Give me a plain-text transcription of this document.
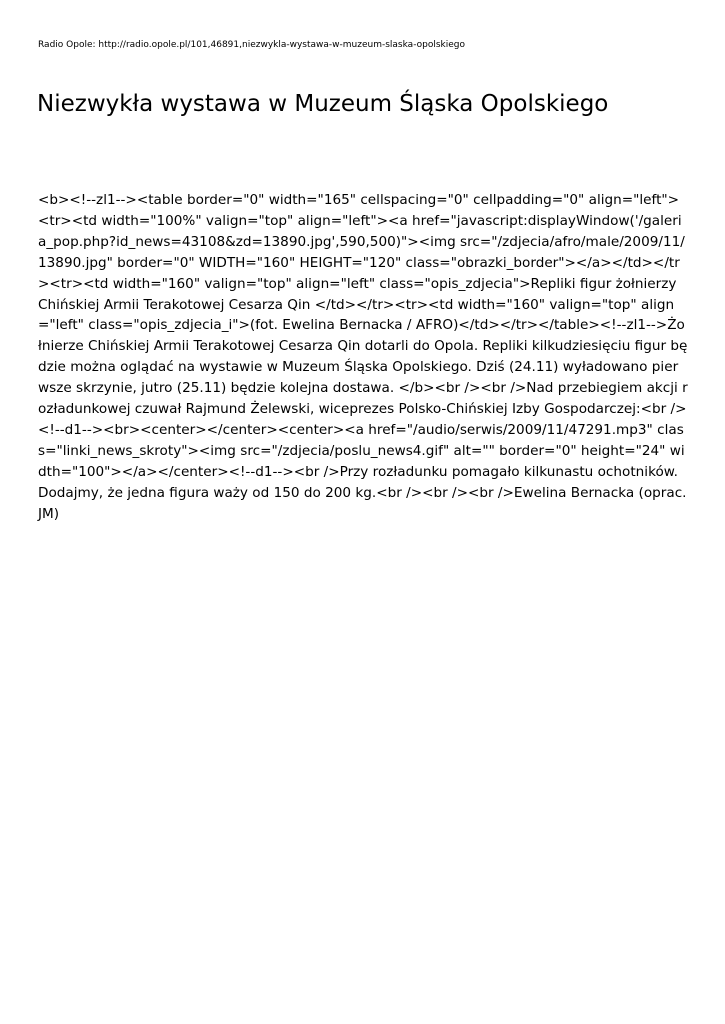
Radio Opole: http://radio.opole.pl/101,46891,niezwykla-wystawa-w-muzeum-slaska-opolskiego
Niezwykła wystawa w Muzeum Śląska Opolskiego

<b><!--zl1--><table border="0" width="165" cellspacing="0" cellpadding="0" align="left"><tr><td width="100%" valign="top" align="left"><a href="javascript:displayWindow('/galeria_pop.php?id_news=43108&zd=13890.jpg',590,500)"><img src="/zdjecia/afro/male/2009/11/13890.jpg" border="0" WIDTH="160" HEIGHT="120" class="obrazki_border"></a></td></tr><tr><td width="160" valign="top" align="left" class="opis_zdjecia">Repliki figur żołnierzy Chińskiej Armii Terakotowej Cesarza Qin </td></tr><tr><td width="160" valign="top" align="left" class="opis_zdjecia_i">(fot. Ewelina Bernacka / AFRO)</td></tr></table><!--zl1-->Żołnierze Chińskiej Armii Terakotowej Cesarza Qin dotarli do Opola. Repliki kilkudziesięciu figur będzie można oglądać na wystawie w Muzeum Śląska Opolskiego. Dziś (24.11) wyładowano pierwsze skrzynie, jutro (25.11) będzie kolejna dostawa. </b><br /><br />Nad przebiegiem akcji rozładunkowej czuwał Rajmund Żelewski, wiceprezes Polsko-Chińskiej Izby Gospodarczej:<br /><!--d1--><br><center></center><center><a href="/audio/serwis/2009/11/47291.mp3" class="linki_news_skroty"><img src="/zdjecia/poslu_news4.gif" alt="" border="0" height="24" width="100"></a></center><!--d1--><br />Przy rozładunku pomagało kilkunastu ochotników. Dodajmy, że jedna figura waży od 150 do 200 kg.<br /><br /><br />Ewelina Bernacka (oprac. JM)
